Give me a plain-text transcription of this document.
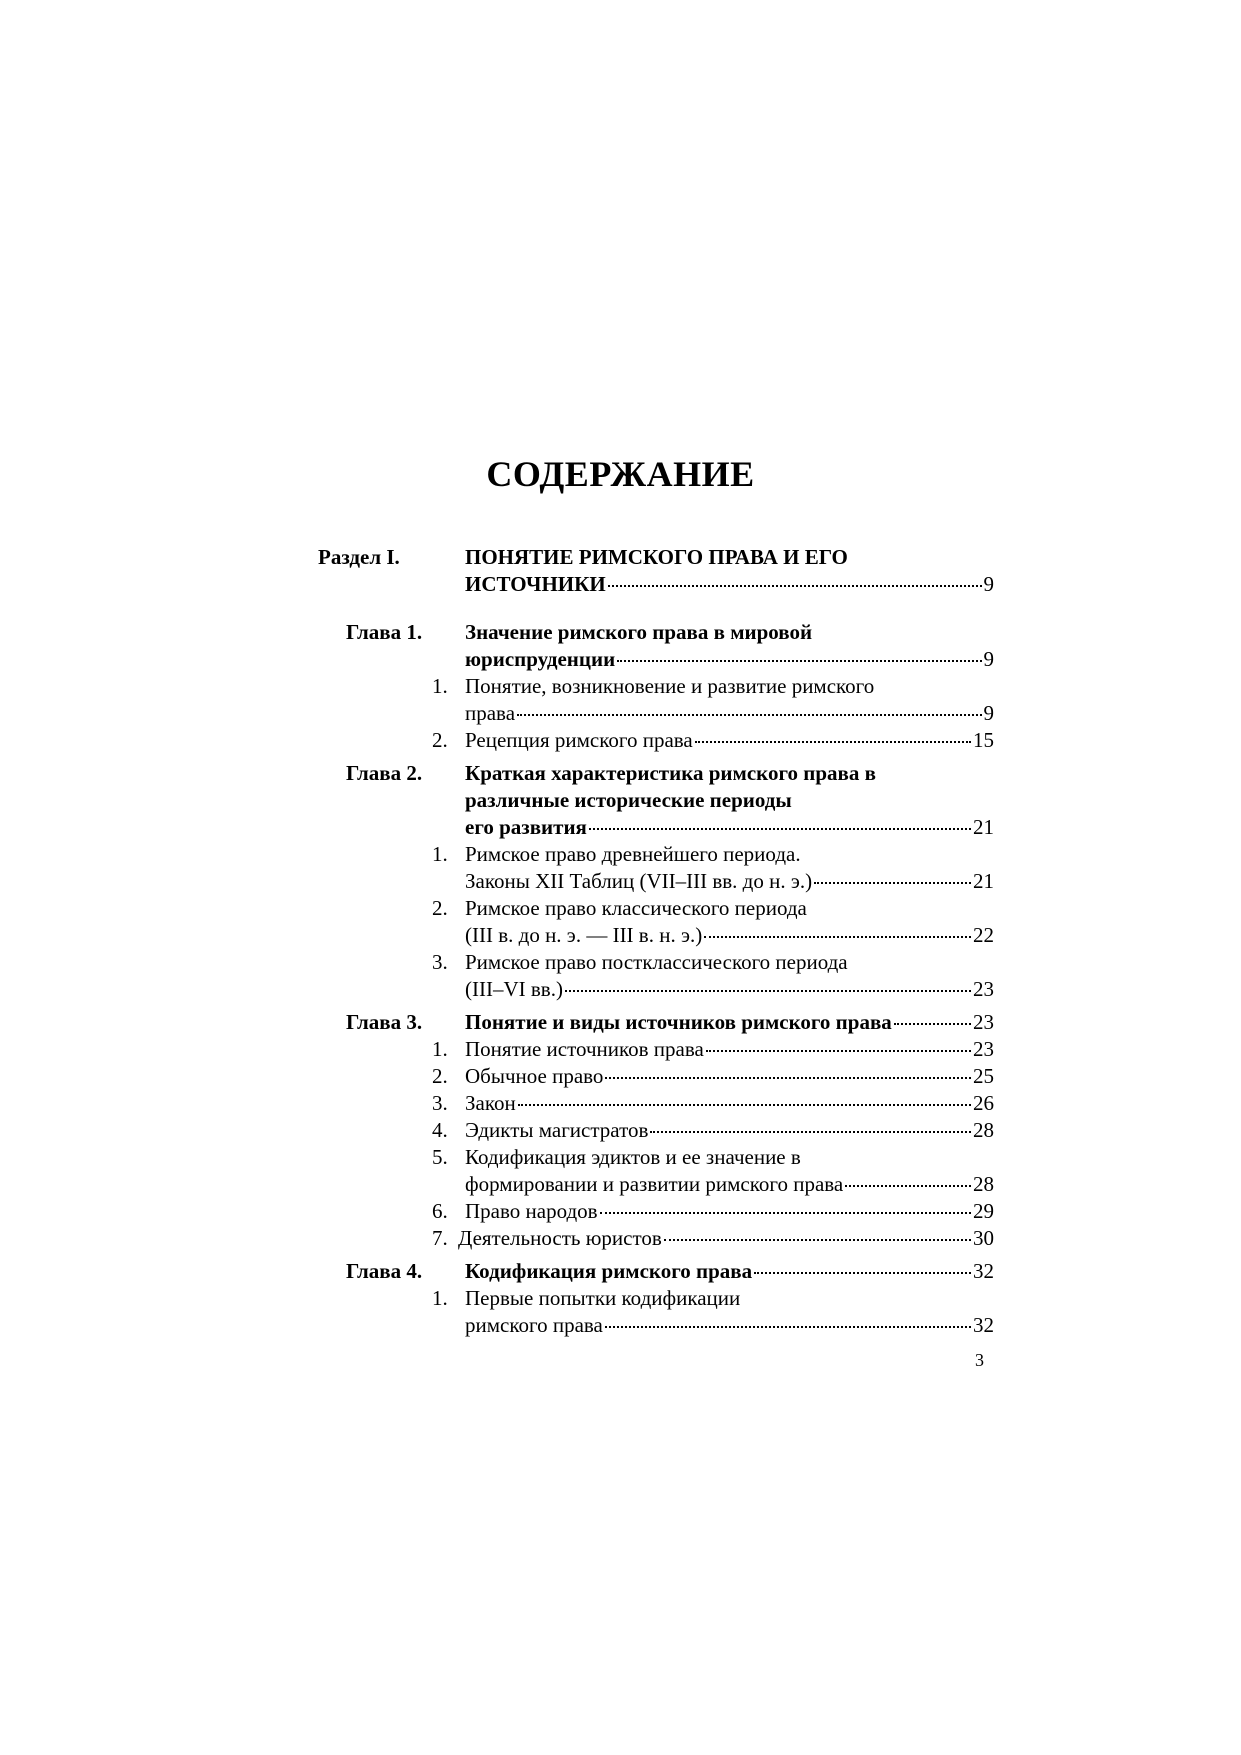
СОДЕРЖАНИЕ
Раздел I.	ПОНЯТИЕ РИМСКОГО ПРАВА И ЕГО
ИСТОЧНИКИ	9
Глава 1. Значение римского права в мировой
юриспруденции	9
1. Понятие, возникновение и развитие римского
права	9
2. Рецепция римского права	15
Глава 2. Краткая характеристика римского права в
различные исторические периоды
его развития	21
1. Римское право древнейшего периода.
Законы XII Таблиц (VII–III вв. до н. э.)	21
2. Римское право классического периода
(III в. до н. э. — III в. н. э.)	22
3. Римское право постклассического периода
(III–VI вв.)	23
Глава 3. Понятие и виды источников римского права	23
1. Понятие источников права	23
2. Обычное право	25
3. Закон	26
4. Эдикты магистратов	28
5. Кодификация эдиктов и ее значение в
формировании и развитии римского права	28
6. Право народов	29
7. Деятельность юристов	30
Глава 4. Кодификация римского права	32
1. Первые попытки кодификации
римского права	32
3
